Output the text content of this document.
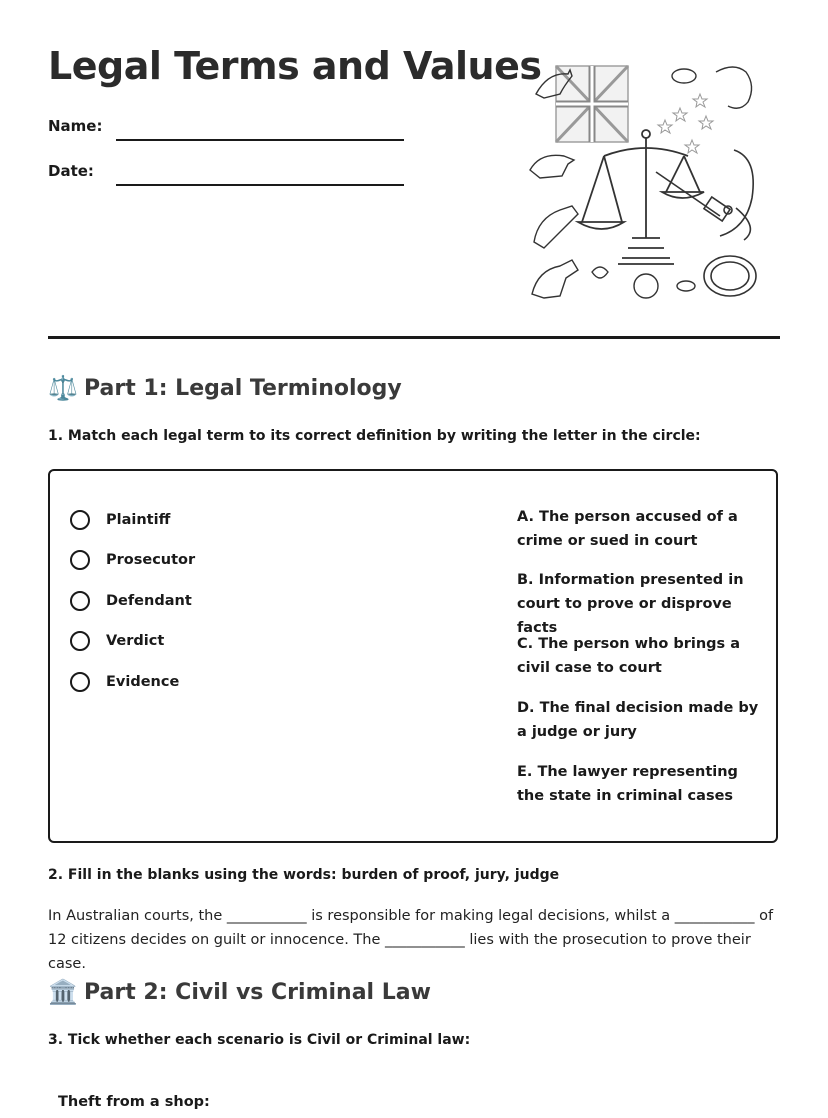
Legal Terms and Values
Name:
Date:
⚖️ Part 1: Legal Terminology

1. Match each legal term to its correct definition by writing the letter in the circle:

Plaintiff
Prosecutor
Defendant
Verdict
Evidence
A. The person accused of a crime or sued in court
B. Information presented in court to prove or disprove facts
C. The person who brings a civil case to court
D. The final decision made by a judge or jury
E. The lawyer representing the state in criminal cases

2. Fill in the blanks using the words: burden of proof, jury, judge

In Australian courts, the ___________ is responsible for making legal decisions, whilst a ___________ of 12 citizens decides on guilt or innocence. The ___________ lies with the prosecution to prove their case.

🏛️ Part 2: Civil vs Criminal Law

3. Tick whether each scenario is Civil or Criminal law:

Theft from a shop:
